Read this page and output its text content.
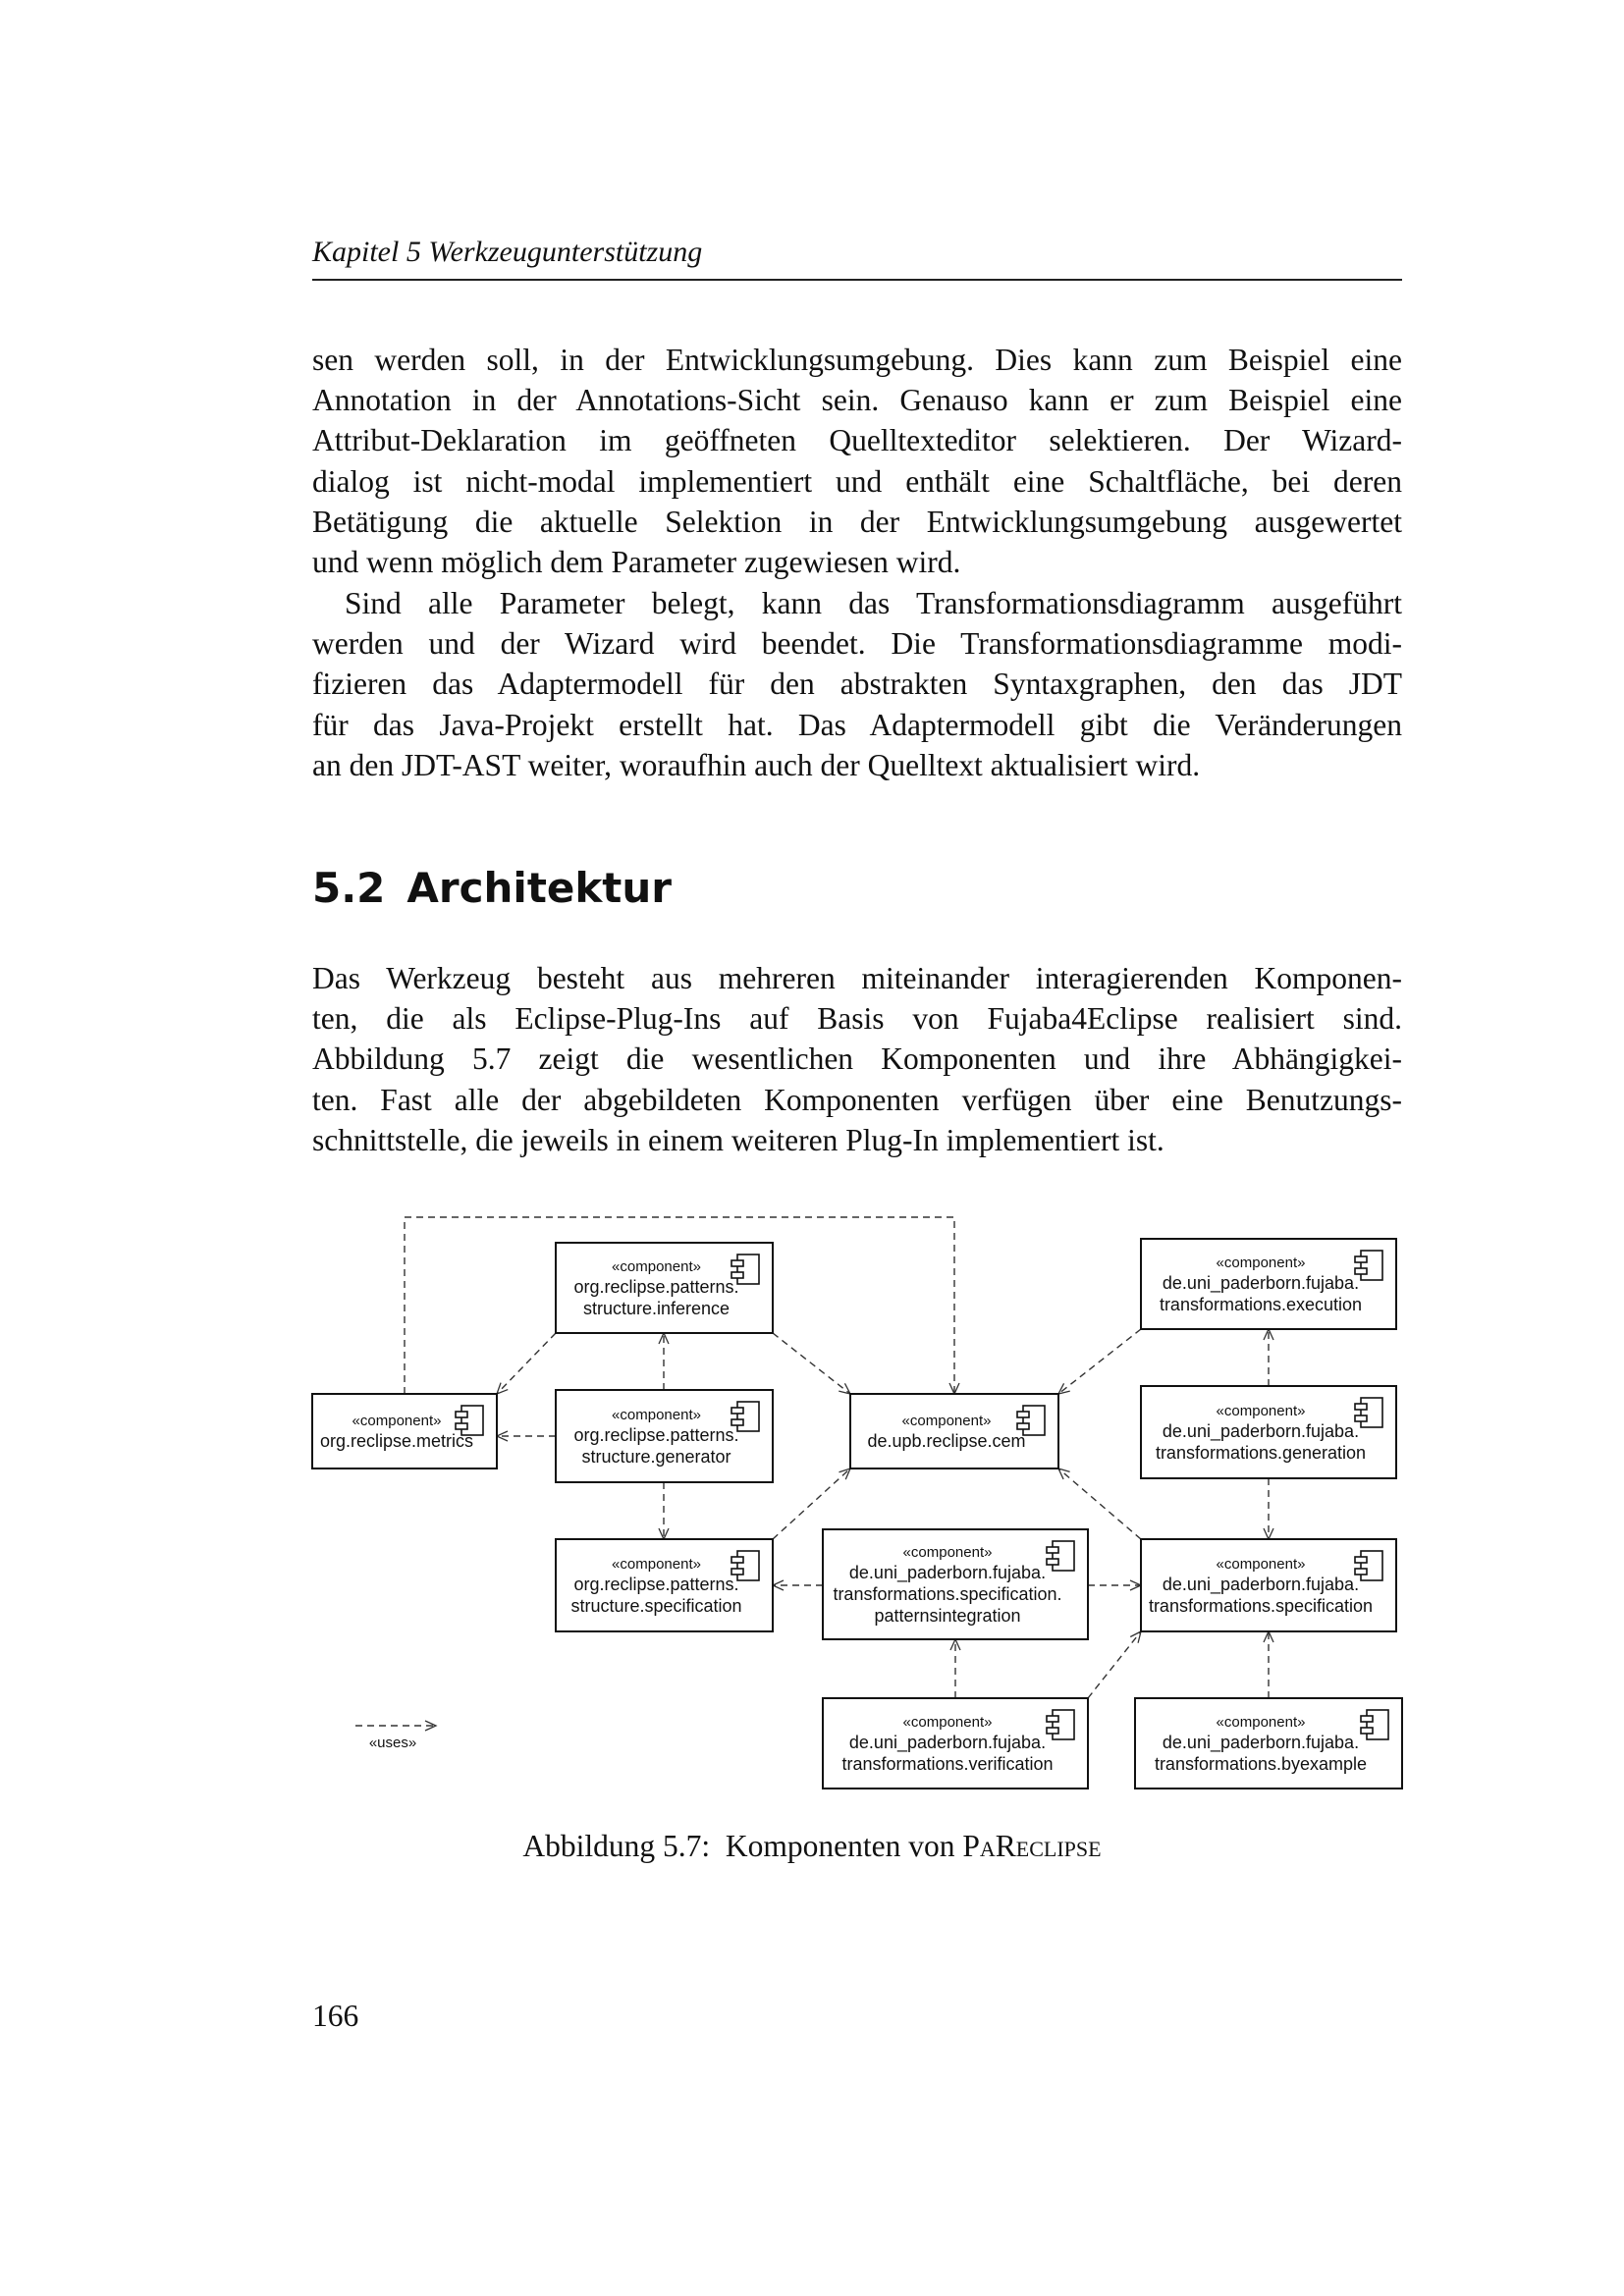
Kapitel 5 Werkzeugunterstützung
sen werden soll, in der Entwicklungsumgebung. Dies kann zum Beispiel eine
Annotation in der Annotations-Sicht sein. Genauso kann er zum Beispiel eine
Attribut-Deklaration im geöffneten Quelltexteditor selektieren. Der Wizard-
dialog ist nicht-modal implementiert und enthält eine Schaltfläche, bei deren
Betätigung die aktuelle Selektion in der Entwicklungsumgebung ausgewertet
und wenn möglich dem Parameter zugewiesen wird.
Sind alle Parameter belegt, kann das Transformationsdiagramm ausgeführt
werden und der Wizard wird beendet. Die Transformationsdiagramme modi-
fizieren das Adaptermodell für den abstrakten Syntaxgraphen, den das JDT
für das Java-Projekt erstellt hat. Das Adaptermodell gibt die Veränderungen
an den JDT-AST weiter, woraufhin auch der Quelltext aktualisiert wird.
5.2 Architektur
Das Werkzeug besteht aus mehreren miteinander interagierenden Komponen-
ten, die als Eclipse-Plug-Ins auf Basis von Fujaba4Eclipse realisiert sind.
Abbildung 5.7 zeigt die wesentlichen Komponenten und ihre Abhängigkei-
ten. Fast alle der abgebildeten Komponenten verfügen über eine Benutzungs-
schnittstelle, die jeweils in einem weiteren Plug-In implementiert ist.
«component»
org.reclipse.patterns.
structure.inference
«component»
org.reclipse.metrics
«component»
org.reclipse.patterns.
structure.generator
«component»
org.reclipse.patterns.
structure.specification
«component»
de.upb.reclipse.cem
«component»
de.uni_paderborn.fujaba.
transformations.specification.
patternsintegration
«component»
de.uni_paderborn.fujaba.
transformations.verification
«component»
de.uni_paderborn.fujaba.
transformations.execution
«component»
de.uni_paderborn.fujaba.
transformations.generation
«component»
de.uni_paderborn.fujaba.
transformations.specification
«component»
de.uni_paderborn.fujaba.
transformations.byexample
«uses»
Abbildung 5.7: Komponenten von PaReclipse
166
